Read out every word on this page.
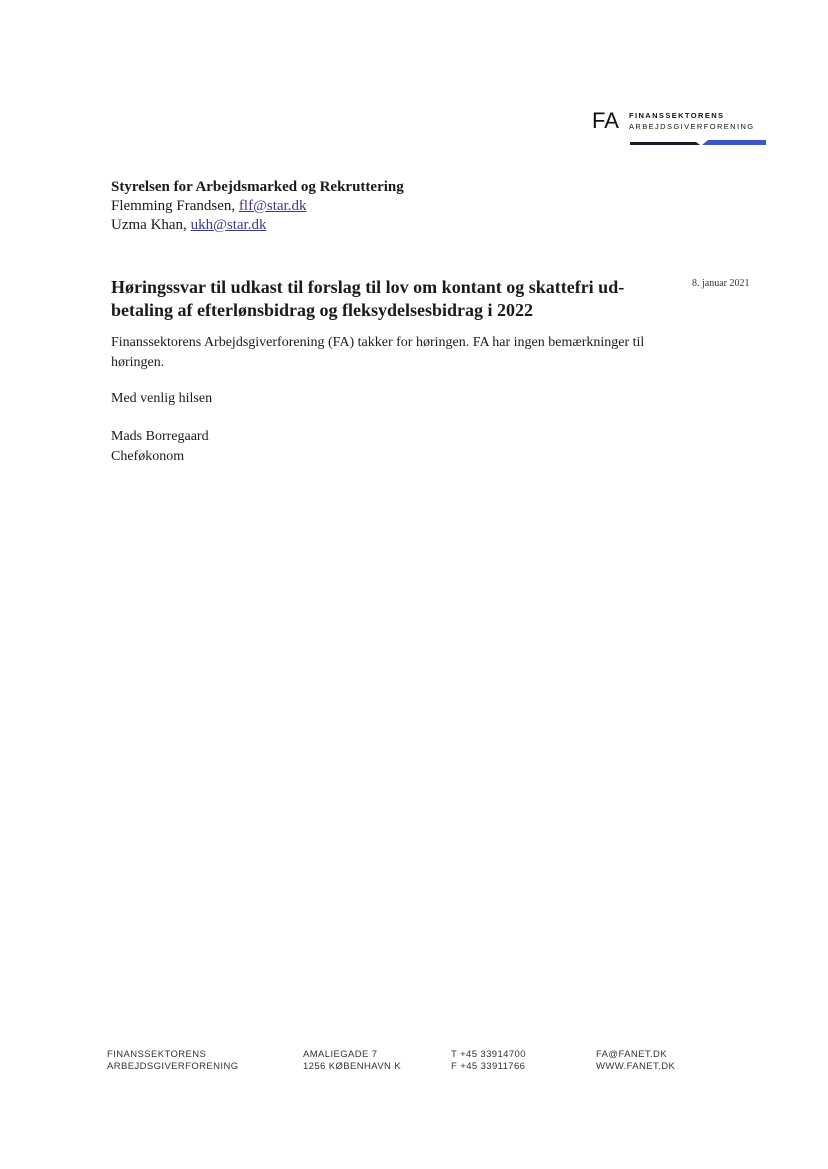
FA FINANSSEKTORENS
ARBEJDSGIVERFORENING
Styrelsen for Arbejdsmarked og Rekruttering
Flemming Frandsen, flf@star.dk
Uzma Khan, ukh@star.dk
8. januar 2021
Høringssvar til udkast til forslag til lov om kontant og skattefri ud-betaling af efterlønsbidrag og fleksydelsesbidrag i 2022

Finanssektorens Arbejdsgiverforening (FA) takker for høringen. FA har ingen bemærkninger til høringen.

Med venlig hilsen

Mads Borregaard
Cheføkonom
FINANSSEKTORENS
ARBEJDSGIVERFORENING
AMALIEGADE 7
1256 KØBENHAVN K
T +45 33914700
F +45 33911766
FA@FANET.DK
WWW.FANET.DK
